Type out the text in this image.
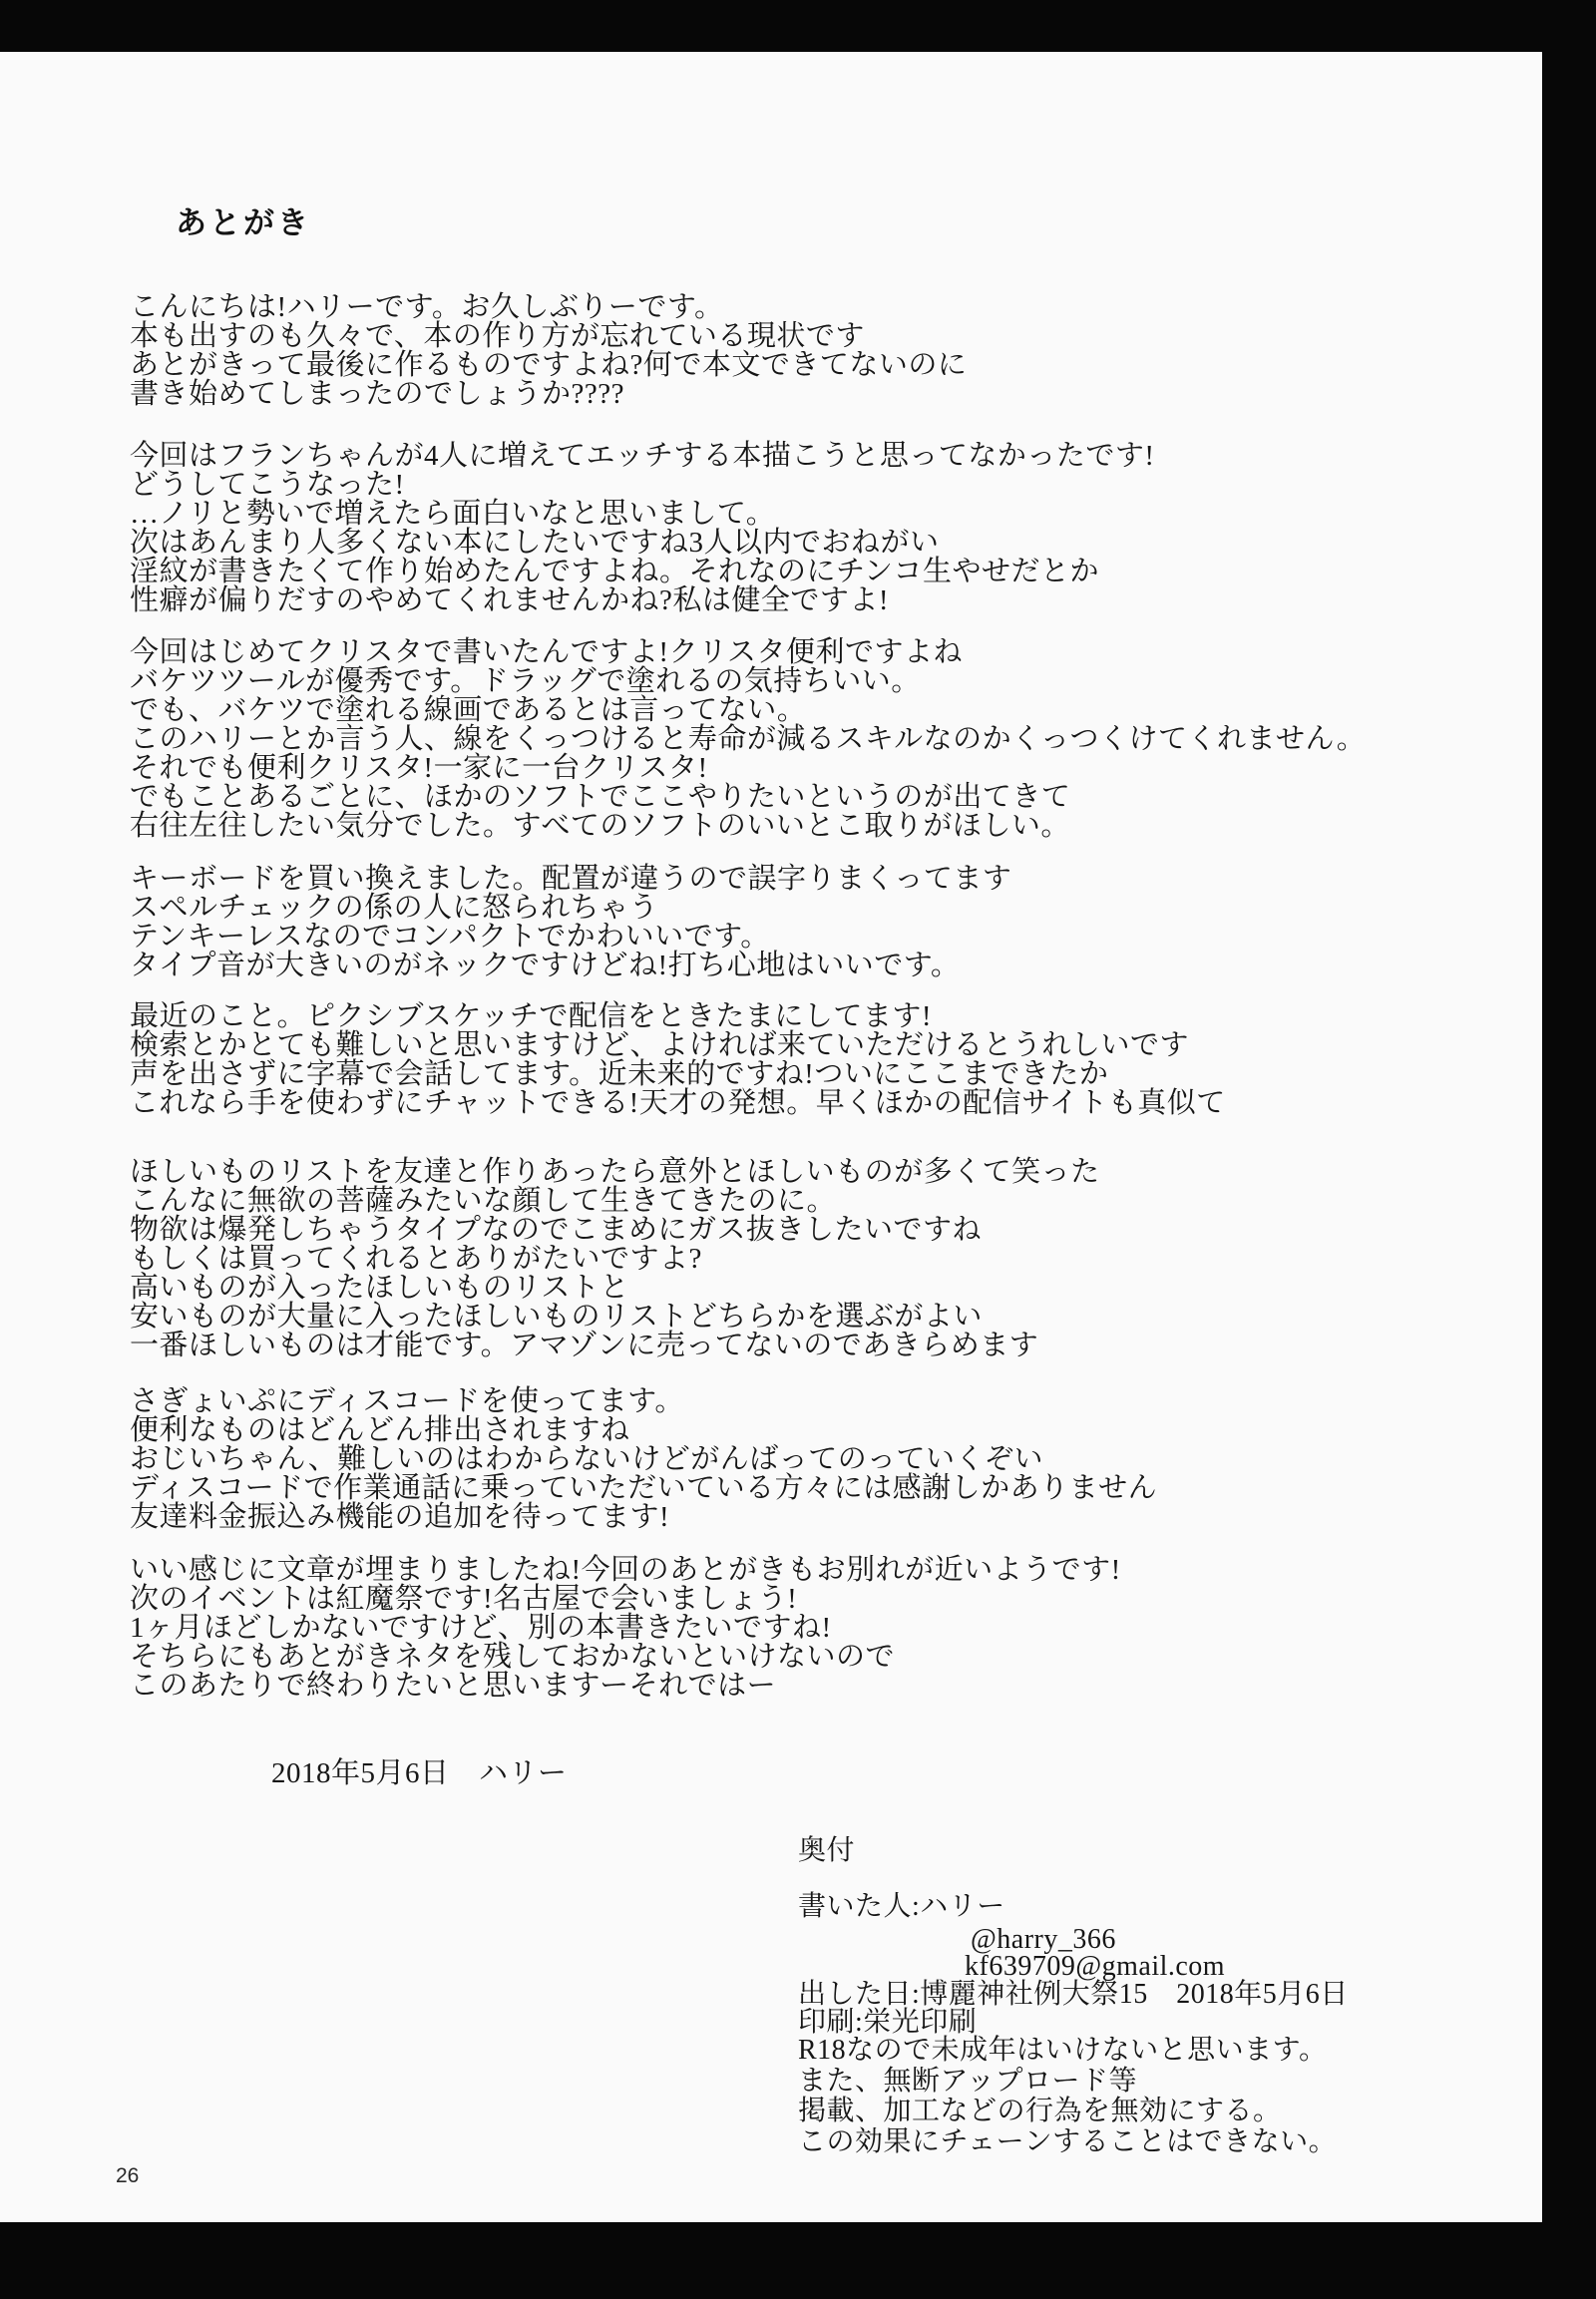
あとがき
こんにちは!ハリーです。お久しぶりーです。
本も出すのも久々で、本の作り方が忘れている現状です
あとがきって最後に作るものですよね?何で本文できてないのに
書き始めてしまったのでしょうか????
今回はフランちゃんが4人に増えてエッチする本描こうと思ってなかったです!
どうしてこうなった!
…ノリと勢いで増えたら面白いなと思いまして。
次はあんまり人多くない本にしたいですね3人以内でおねがい
淫紋が書きたくて作り始めたんですよね。それなのにチンコ生やせだとか
性癖が偏りだすのやめてくれませんかね?私は健全ですよ!
今回はじめてクリスタで書いたんですよ!クリスタ便利ですよね
バケツツールが優秀です。ドラッグで塗れるの気持ちいい。
でも、バケツで塗れる線画であるとは言ってない。
このハリーとか言う人、線をくっつけると寿命が減るスキルなのかくっつくけてくれません。
それでも便利クリスタ!一家に一台クリスタ!
でもことあるごとに、ほかのソフトでここやりたいというのが出てきて
右往左往したい気分でした。すべてのソフトのいいとこ取りがほしい。
キーボードを買い換えました。配置が違うので誤字りまくってます
スペルチェックの係の人に怒られちゃう
テンキーレスなのでコンパクトでかわいいです。
タイプ音が大きいのがネックですけどね!打ち心地はいいです。
最近のこと。ピクシブスケッチで配信をときたまにしてます!
検索とかとても難しいと思いますけど、よければ来ていただけるとうれしいです
声を出さずに字幕で会話してます。近未来的ですね!ついにここまできたか
これなら手を使わずにチャットできる!天才の発想。早くほかの配信サイトも真似て
ほしいものリストを友達と作りあったら意外とほしいものが多くて笑った
こんなに無欲の菩薩みたいな顔して生きてきたのに。
物欲は爆発しちゃうタイプなのでこまめにガス抜きしたいですね
もしくは買ってくれるとありがたいですよ?
高いものが入ったほしいものリストと
安いものが大量に入ったほしいものリストどちらかを選ぶがよい
一番ほしいものは才能です。アマゾンに売ってないのであきらめます
さぎょいぷにディスコードを使ってます。
便利なものはどんどん排出されますね
おじいちゃん、難しいのはわからないけどがんばってのっていくぞい
ディスコードで作業通話に乗っていただいている方々には感謝しかありません
友達料金振込み機能の追加を待ってます!
いい感じに文章が埋まりましたね!今回のあとがきもお別れが近いようです!
次のイベントは紅魔祭です!名古屋で会いましょう!
1ヶ月ほどしかないですけど、別の本書きたいですね!
そちらにもあとがきネタを残しておかないといけないので
このあたりで終わりたいと思いますーそれではー
2018年5月6日　ハリー
奥付
書いた人:ハリー
@harry_366
kf639709@gmail.com
出した日:博麗神社例大祭15　2018年5月6日
印刷:栄光印刷
R18なので未成年はいけないと思います。
また、無断アップロード等
掲載、加工などの行為を無効にする。
この効果にチェーンすることはできない。
26
